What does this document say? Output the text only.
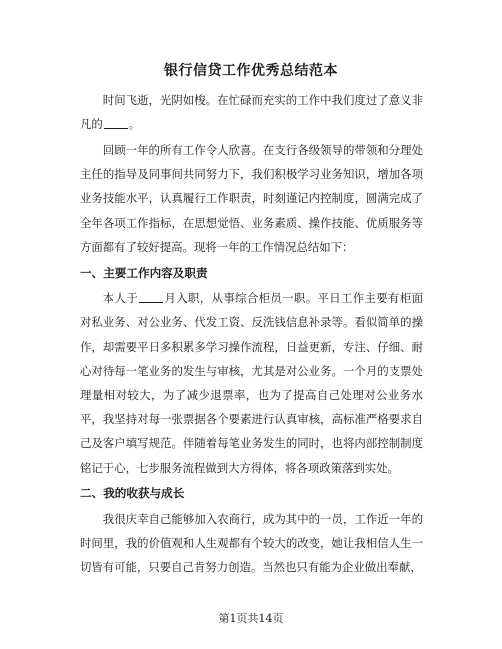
银行信贷工作优秀总结范本

时间飞逝，光阴如梭。在忙碌而充实的工作中我们度过了意义非凡的 。

回顾一年的所有工作令人欣喜。在支行各级领导的带领和分理处主任的指导及同事间共同努力下，我们积极学习业务知识，增加各项业务技能水平，认真履行工作职责，时刻谨记内控制度，圆满完成了全年各项工作指标，在思想觉悟、业务素质、操作技能、优质服务等方面都有了较好提高。现将一年的工作情况总结如下：

一、主要工作内容及职责

本人于 月入职，从事综合柜员一职。平日工作主要有柜面对私业务、对公业务、代发工资、反洗钱信息补录等。看似简单的操作，却需要平日多积累多学习操作流程，日益更新，专注、仔细、耐心对待每一笔业务的发生与审核，尤其是对公业务。一个月的支票处理量相对较大，为了减少退票率，也为了提高自己处理对公业务水平，我坚持对每一张票据各个要素进行认真审核，高标准严格要求自己及客户填写规范。伴随着每笔业务发生的同时，也将内部控制制度铭记于心，七步服务流程做到大方得体，将各项政策落到实处。

二、我的收获与成长

我很庆幸自己能够加入农商行，成为其中的一员，工作近一年的时间里，我的价值观和人生观都有个较大的改变，她让我相信人生一切皆有可能，只要自己肯努力创造。当然也只有能为企业做出奉献，

第1页共14页
